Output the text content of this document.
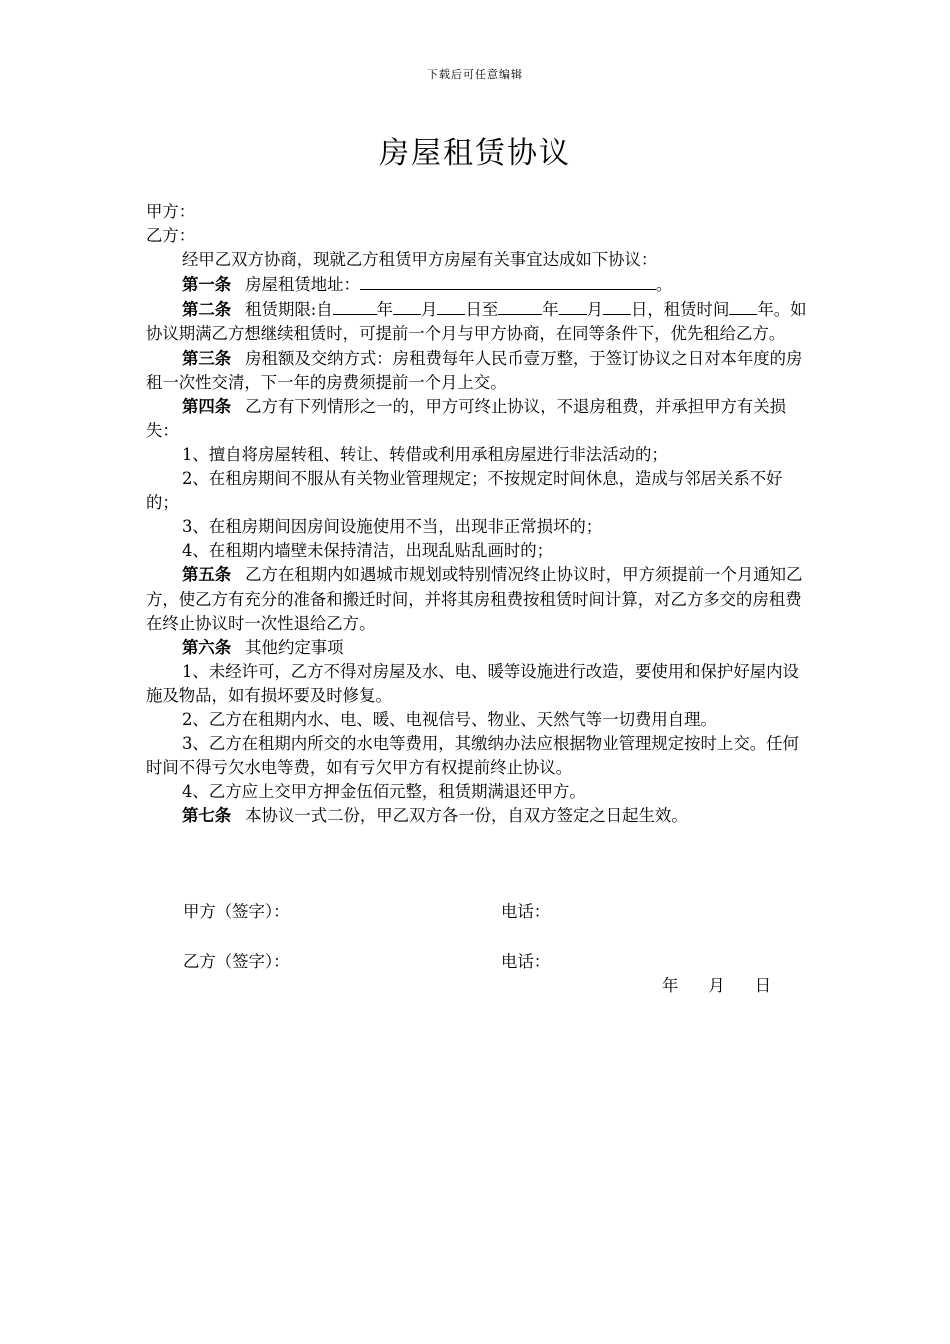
下载后可任意编辑
房屋租赁协议

甲方：

乙方：

经甲乙双方协商，现就乙方租赁甲方房屋有关事宜达成如下协议：

第一条 房屋租赁地址：	。

第二条 租赁期限:自	年 月 日至	年 月 日，租赁时间 年。如协议期满乙方想继续租赁时，可提前一个月与甲方协商，在同等条件下，优先租给乙方。

第三条 房租额及交纳方式：房租费每年人民币壹万整，于签订协议之日对本年度的房租一次性交清，下一年的房费须提前一个月上交。

第四条 乙方有下列情形之一的，甲方可终止协议，不退房租费，并承担甲方有关损失：

1、擅自将房屋转租、转让、转借或利用承租房屋进行非法活动的；

2、在租房期间不服从有关物业管理规定；不按规定时间休息，造成与邻居关系不好的；

3、在租房期间因房间设施使用不当，出现非正常损坏的；

4、在租期内墙壁未保持清洁，出现乱贴乱画时的；

第五条 乙方在租期内如遇城市规划或特别情况终止协议时，甲方须提前一个月通知乙方，使乙方有充分的准备和搬迁时间，并将其房租费按租赁时间计算，对乙方多交的房租费在终止协议时一次性退给乙方。

第六条 其他约定事项

1、未经许可，乙方不得对房屋及水、电、暖等设施进行改造，要使用和保护好屋内设施及物品，如有损坏要及时修复。

2、乙方在租期内水、电、暖、电视信号、物业、天然气等一切费用自理。

3、乙方在租期内所交的水电等费用，其缴纳办法应根据物业管理规定按时上交。任何时间不得亏欠水电等费，如有亏欠甲方有权提前终止协议。

4、乙方应上交甲方押金伍佰元整，租赁期满退还甲方。

第七条 本协议一式二份，甲乙双方各一份，自双方签定之日起生效。

甲方（签字）：	电话：
乙方（签字）：	电话：
年 月 日
